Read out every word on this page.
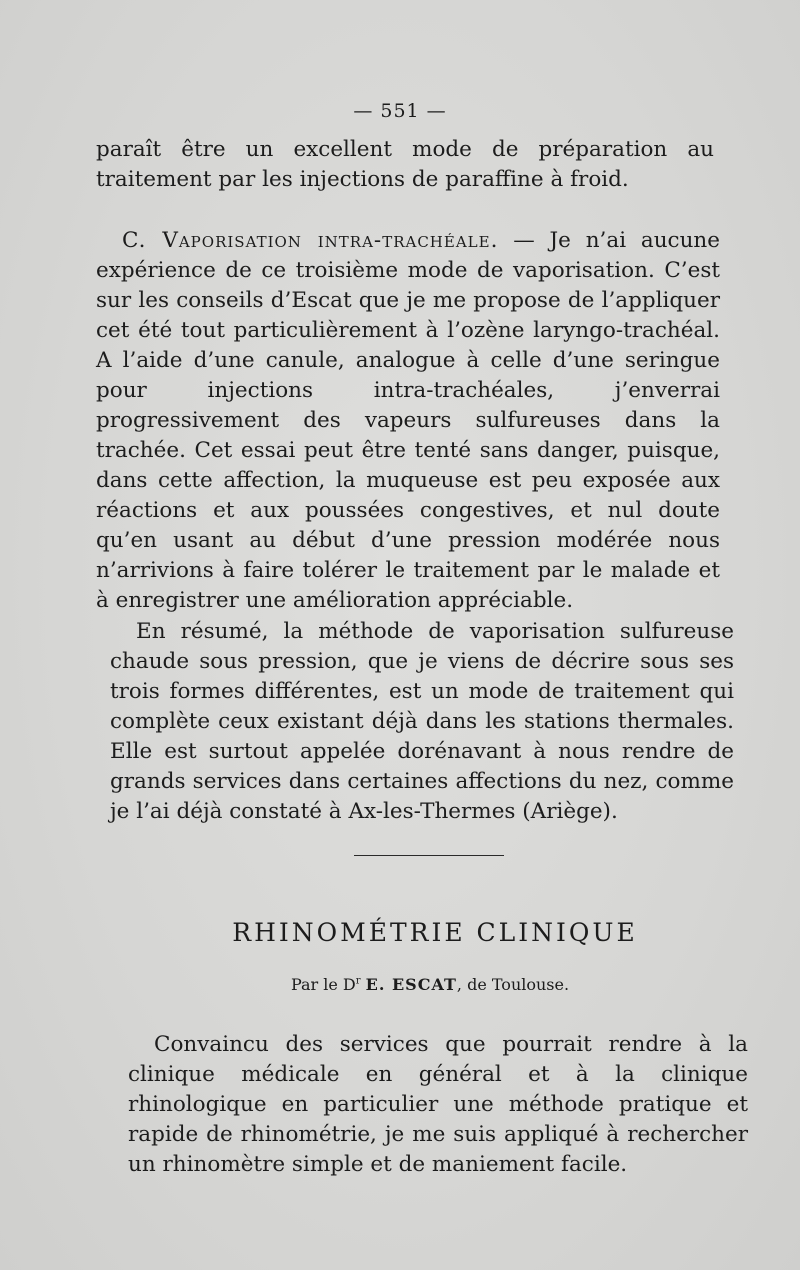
— 551 —
paraît être un excellent mode de préparation au traitement par les injections de paraffine à froid.
C. Vaporisation intra-trachéale. — Je n’ai aucune expérience de ce troisième mode de vaporisation. C’est sur les conseils d’Escat que je me propose de l’appliquer cet été tout particulièrement à l’ozène laryngo-trachéal. A l’aide d’une canule, analogue à celle d’une seringue pour injections intra-trachéales, j’enverrai progressivement des vapeurs sulfureuses dans la trachée. Cet essai peut être tenté sans danger, puisque, dans cette affection, la muqueuse est peu exposée aux réactions et aux poussées congestives, et nul doute qu’en usant au début d’une pression modérée nous n’arrivions à faire tolérer le traitement par le malade et à enregistrer une amélioration appréciable.
En résumé, la méthode de vaporisation sulfureuse chaude sous pression, que je viens de décrire sous ses trois formes différentes, est un mode de traitement qui complète ceux existant déjà dans les stations thermales. Elle est surtout appelée dorénavant à nous rendre de grands services dans certaines affections du nez, comme je l’ai déjà constaté à Ax-les-Thermes (Ariège).
RHINOMÉTRIE CLINIQUE
Par le $D^r$ E. ESCAT, de Toulouse.
Convaincu des services que pourrait rendre à la clinique médicale en général et à la clinique rhinologique en particulier une méthode pratique et rapide de rhinométrie, je me suis appliqué à rechercher un rhinomètre simple et de maniement facile.
